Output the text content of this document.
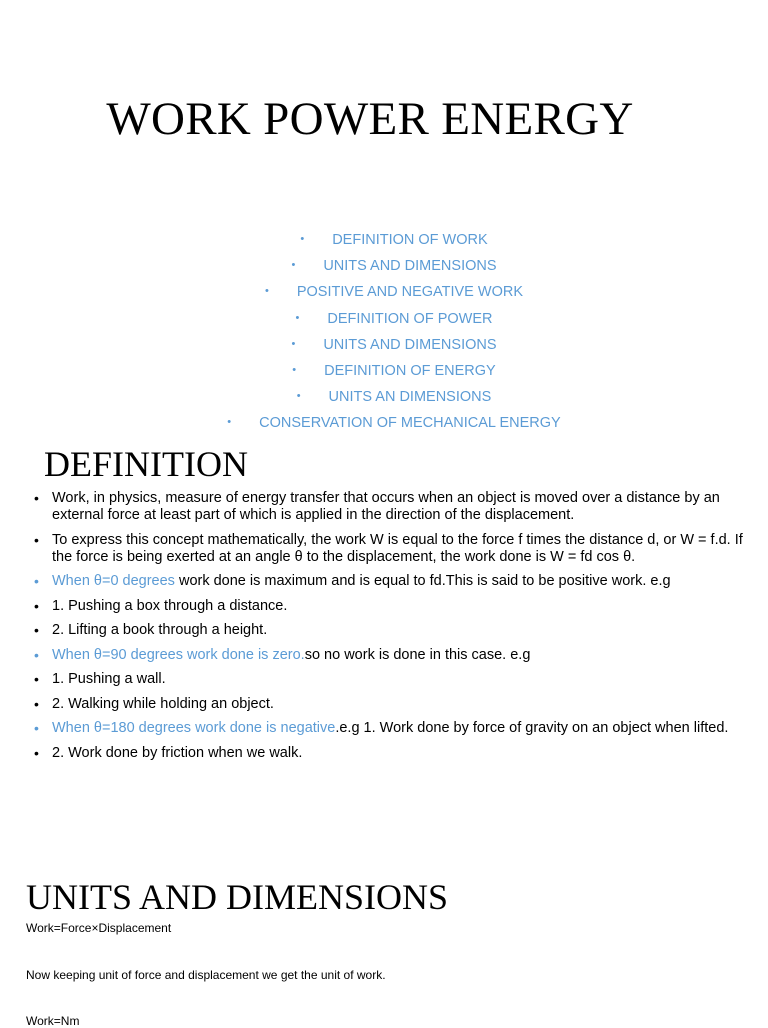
WORK POWER ENERGY
• DEFINITION OF WORK
• UNITS AND DIMENSIONS
• POSITIVE AND NEGATIVE WORK
• DEFINITION OF POWER
• UNITS AND DIMENSIONS
• DEFINITION OF ENERGY
• UNITS AN DIMENSIONS
• CONSERVATION OF MECHANICAL ENERGY
DEFINITION
• Work, in physics, measure of energy transfer that occurs when an object is moved over a distance by an external force at least part of which is applied in the direction of the displacement.
• To express this concept mathematically, the work W is equal to the force f times the distance d, or W = f.d. If the force is being exerted at an angle θ to the displacement, the work done is W = fd cos θ.
• When θ=0 degrees work done is maximum and is equal to fd.This is said to be positive work. e.g
• 1. Pushing a box through a distance.
• 2. Lifting a book through a height.
• When θ=90 degrees work done is zero.so no work is done in this case. e.g
• 1. Pushing a wall.
• 2. Walking while holding an object.
• When θ=180 degrees work done is negative.e.g 1. Work done by force of gravity on an object when lifted.
• 2. Work done by friction when we walk.
UNITS AND DIMENSIONS

Work=Force×Displacement

Now keeping unit of force and displacement we get the unit of work.

Work=Nm
